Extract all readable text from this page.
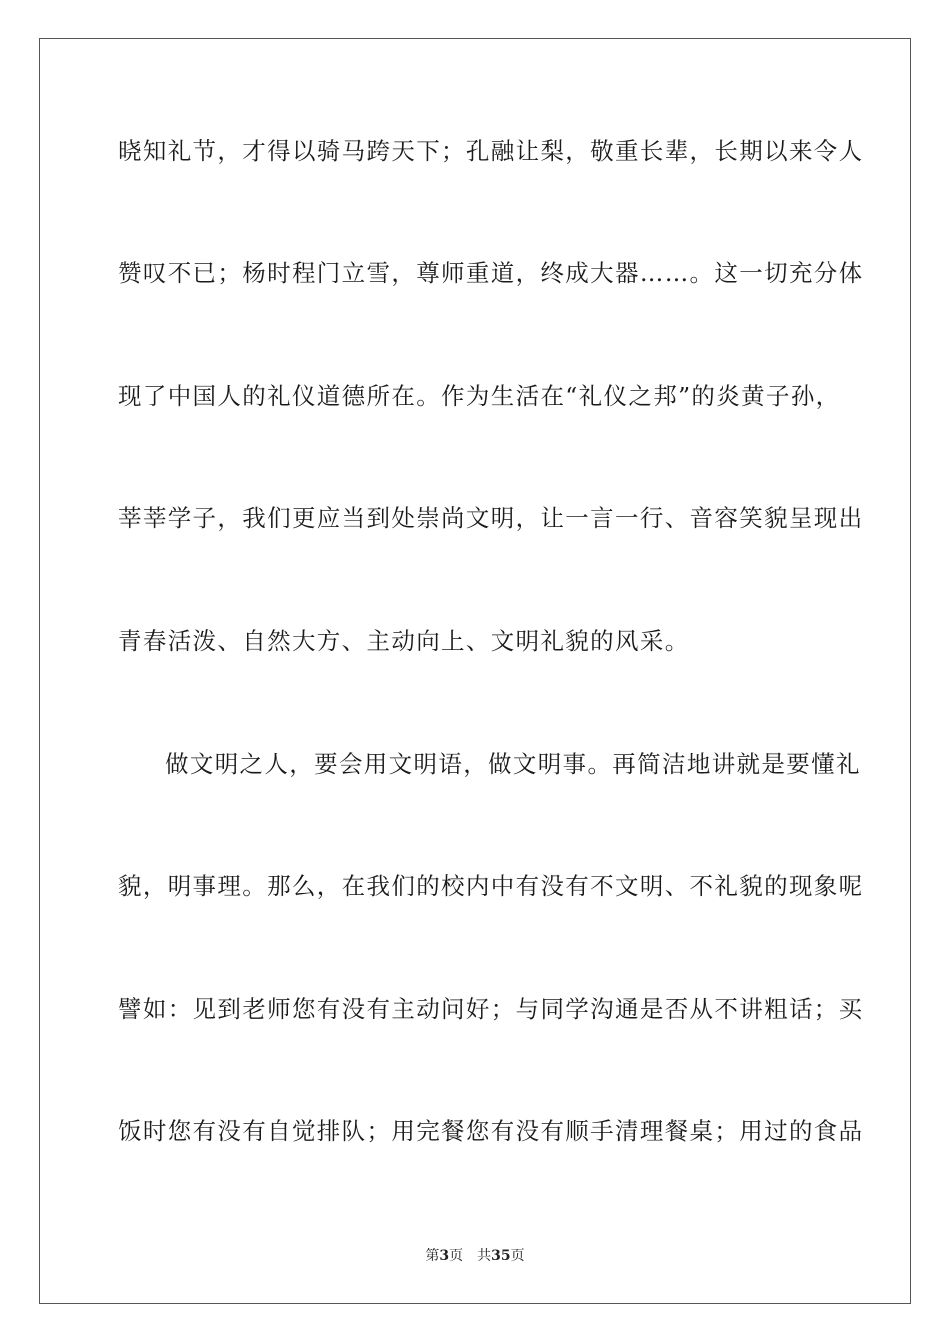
晓知礼节，才得以骑马跨天下；孔融让梨，敬重长辈，长期以来令人
赞叹不已；杨时程门立雪，尊师重道，终成大器……。这一切充分体
现了中国人的礼仪道德所在。作为生活在“礼仪之邦”的炎黄子孙，
莘莘学子，我们更应当到处崇尚文明，让一言一行、音容笑貌呈现出
青春活泼、自然大方、主动向上、文明礼貌的风采。
做文明之人，要会用文明语，做文明事。再简洁地讲就是要懂礼
貌，明事理。那么，在我们的校内中有没有不文明、不礼貌的现象呢
譬如：见到老师您有没有主动问好；与同学沟通是否从不讲粗话；买
饭时您有没有自觉排队；用完餐您有没有顺手清理餐桌；用过的食品
第3页 共35页
